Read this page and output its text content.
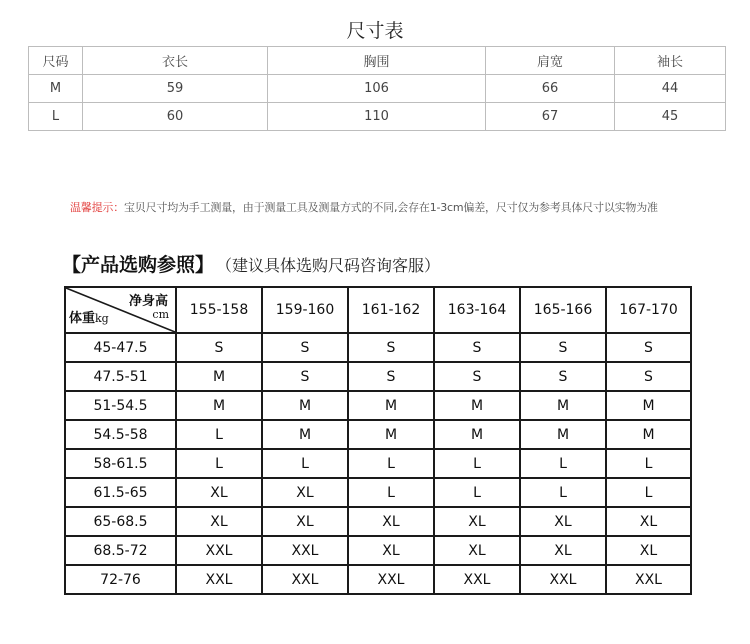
尺寸表
尺码	衣长	胸围	肩宽	袖长
M	59	106	66	44
L	60	110	67	45
温馨提示：宝贝尺寸均为手工测量，由于测量工具及测量方式的不同,会存在1-3cm偏差，尺寸仅为参考具体尺寸以实物为准
【产品选购参照】 （建议具体选购尺码咨询客服）
净身高
cm
体重kg	155-158	159-160	161-162	163-164	165-166	167-170
45-47.5	S	S	S	S	S	S
47.5-51	M	S	S	S	S	S
51-54.5	M	M	M	M	M	M
54.5-58	L	M	M	M	M	M
58-61.5	L	L	L	L	L	L
61.5-65	XL	XL	L	L	L	L
65-68.5	XL	XL	XL	XL	XL	XL
68.5-72	XXL	XXL	XL	XL	XL	XL
72-76	XXL	XXL	XXL	XXL	XXL	XXL
